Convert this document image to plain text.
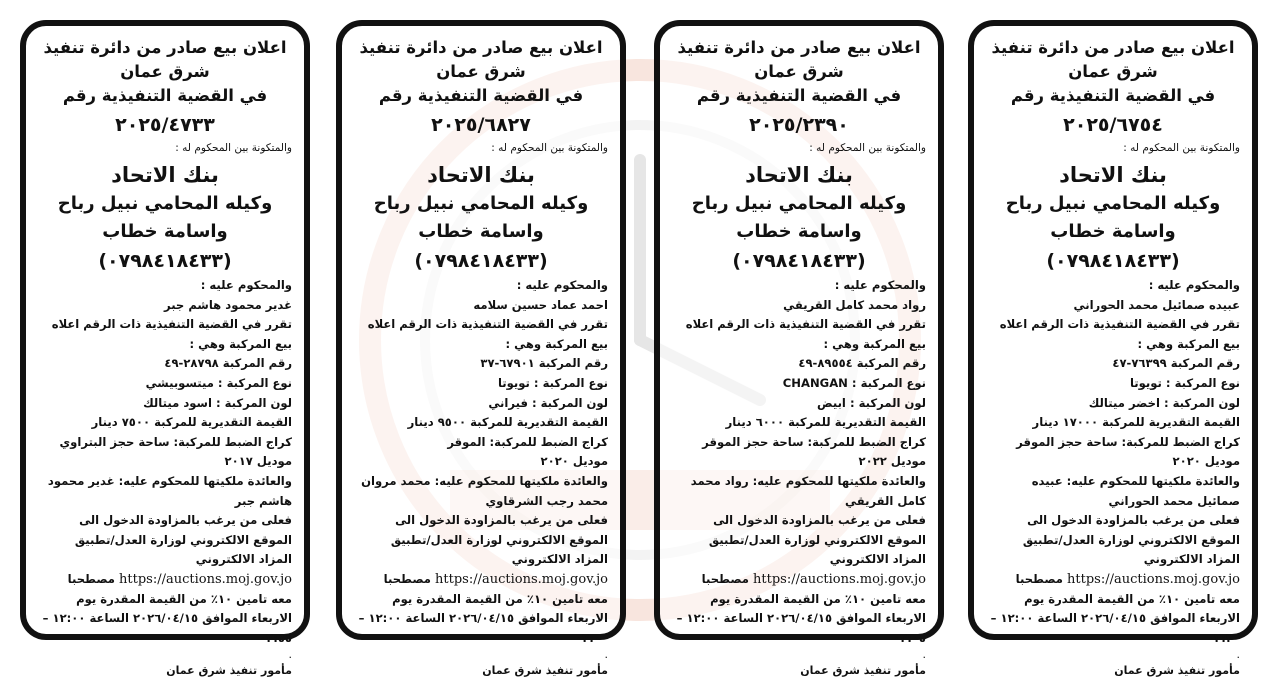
اعلان بيع صادر من دائرة تنفيذ شرق عمان
في القضية التنفيذية رقم
٢٠٢٥/٦٧٥٤
والمتكونة بين المحكوم له :
بنك الاتحاد
وكيله المحامي نبيل رباح واسامة خطاب
(٠٧٩٨٤١٨٤٣٣)
والمحكوم عليه :
عبيده صمائيل محمد الحوراني
تقرر في القضية التنفيذية ذات الرقم اعلاه بيع المركبة وهي :
رقم المركبة ٧٦٣٩٩-٤٧
نوع المركبة : تويوتا
لون المركبة : اخضر ميتالك
القيمة التقديرية للمركبة ١٧٠٠٠ دينار
كراج الضبط للمركبة: ساحة حجز الموقر
موديل ٢٠٢٠
والعائدة ملكيتها للمحكوم عليه: عبيده صمائيل محمد الحوراني
فعلى من يرغب بالمزاودة الدخول الى الموقع الالكتروني لوزارة العدل/تطبيق المزاد الالكتروني
https://auctions.moj.gov.jo مصطحبا
معه تامين ١٠٪ من القيمة المقدرة يوم الاربعاء الموافق ٢٠٢٦/٠٤/١٥ الساعة ١٢:٠٠ – ٠٢:٢٠
.
مأمور تنفيذ شرق عمان
اعلان بيع صادر من دائرة تنفيذ شرق عمان
في القضية التنفيذية رقم
٢٠٢٥/٢٣٩٠
والمتكونة بين المحكوم له :
بنك الاتحاد
وكيله المحامي نبيل رباح واسامة خطاب
(٠٧٩٨٤١٨٤٣٣)
والمحكوم عليه :
رواد محمد كامل القريقي
تقرر في القضية التنفيذية ذات الرقم اعلاه بيع المركبة وهي :
رقم المركبة ٨٩٥٥٤-٤٩
نوع المركبة : CHANGAN
لون المركبة : ابيض
القيمة التقديرية للمركبة ٦٠٠٠ دينار
كراج الضبط للمركبة: ساحة حجز الموقر
موديل ٢٠٢٢
والعائدة ملكيتها للمحكوم عليه: رواد محمد كامل القريقي
فعلى من يرغب بالمزاودة الدخول الى الموقع الالكتروني لوزارة العدل/تطبيق المزاد الالكتروني
https://auctions.moj.gov.jo مصطحبا
معه تامين ١٠٪ من القيمة المقدرة يوم الاربعاء الموافق ٢٠٢٦/٠٤/١٥ الساعة ١٢:٠٠ – ٠٢:٠٥
.
مأمور تنفيذ شرق عمان
اعلان بيع صادر من دائرة تنفيذ شرق عمان
في القضية التنفيذية رقم
٢٠٢٥/٦٨٢٧
والمتكونة بين المحكوم له :
بنك الاتحاد
وكيله المحامي نبيل رباح واسامة خطاب
(٠٧٩٨٤١٨٤٣٣)
والمحكوم عليه :
احمد عماد حسين سلامه
تقرر في القضية التنفيذية ذات الرقم اعلاه بيع المركبة وهي :
رقم المركبة ٦٧٩٠١-٣٧
نوع المركبة : تويوتا
لون المركبة : فيراني
القيمة التقديرية للمركبة ٩٥٠٠ دينار
كراج الضبط للمركبة: الموقر
موديل ٢٠٢٠
والعائدة ملكيتها للمحكوم عليه: محمد مروان محمد رجب الشرقاوي
فعلى من يرغب بالمزاودة الدخول الى الموقع الالكتروني لوزارة العدل/تطبيق المزاد الالكتروني
https://auctions.moj.gov.jo مصطحبا
معه تامين ١٠٪ من القيمة المقدرة يوم الاربعاء الموافق ٢٠٢٦/٠٤/١٥ الساعة ١٢:٠٠ – ٠٢:٠٠
.
مأمور تنفيذ شرق عمان
اعلان بيع صادر من دائرة تنفيذ شرق عمان
في القضية التنفيذية رقم
٢٠٢٥/٤٧٣٣
والمتكونة بين المحكوم له :
بنك الاتحاد
وكيله المحامي نبيل رباح واسامة خطاب
(٠٧٩٨٤١٨٤٣٣)
والمحكوم عليه :
غدير محمود هاشم جبر
تقرر في القضية التنفيذية ذات الرقم اعلاه بيع المركبة وهي :
رقم المركبة ٢٨٧٩٨-٤٩
نوع المركبة : ميتسوبيشي
لون المركبة : اسود ميتالك
القيمة التقديرية للمركبة ٧٥٠٠ دينار
كراج الضبط للمركبة: ساحة حجز البتراوي
موديل ٢٠١٧
والعائدة ملكيتها للمحكوم عليه: غدير محمود هاشم جبر
فعلى من يرغب بالمزاودة الدخول الى الموقع الالكتروني لوزارة العدل/تطبيق المزاد الالكتروني
https://auctions.moj.gov.jo مصطحبا
معه تامين ١٠٪ من القيمة المقدرة يوم الاربعاء الموافق ٢٠٢٦/٠٤/١٥ الساعة ١٢:٠٠ – ٠٢:٥٥
.
مأمور تنفيذ شرق عمان
